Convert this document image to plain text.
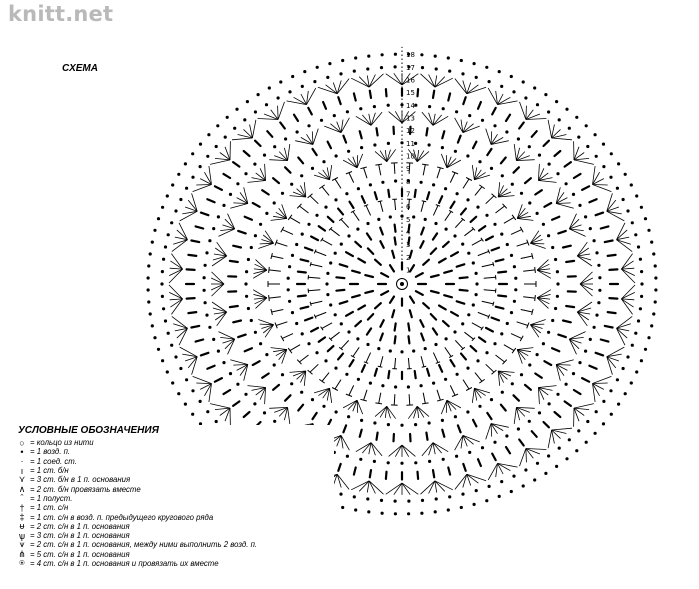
knitt.net
18
17
16
15
14
13
12
11
10
9
8
7
6
5
4
3
2
1
СХЕМА
УСЛОВНЫЕ ОБОЗНАЧЕНИЯ
○	= кольцо из нити
•	= 1 возд. п.
·	= 1 соед. ст.
ı	= 1 ст. б/н
⋎	= 3 ст. б/н в 1 п. основания
∧	= 2 ст. б/н провязать вместе
ˆ	= 1 полуст.
†	= 1 ст. с/н
‡	= 1 ст. с/н в возд. п. предыдущего кругового ряда
ᵾ	= 2 ст. с/н в 1 п. основания
ѱ	= 3 ст. с/н в 1 п. основания
⩛	= 2 ст. с/н в 1 п. основания, между ними выполнить 2 возд. п.
⋔	= 5 ст. с/н в 1 п. основания
⍟	= 4 ст. с/н в 1 п. основания и провязать их вместе
